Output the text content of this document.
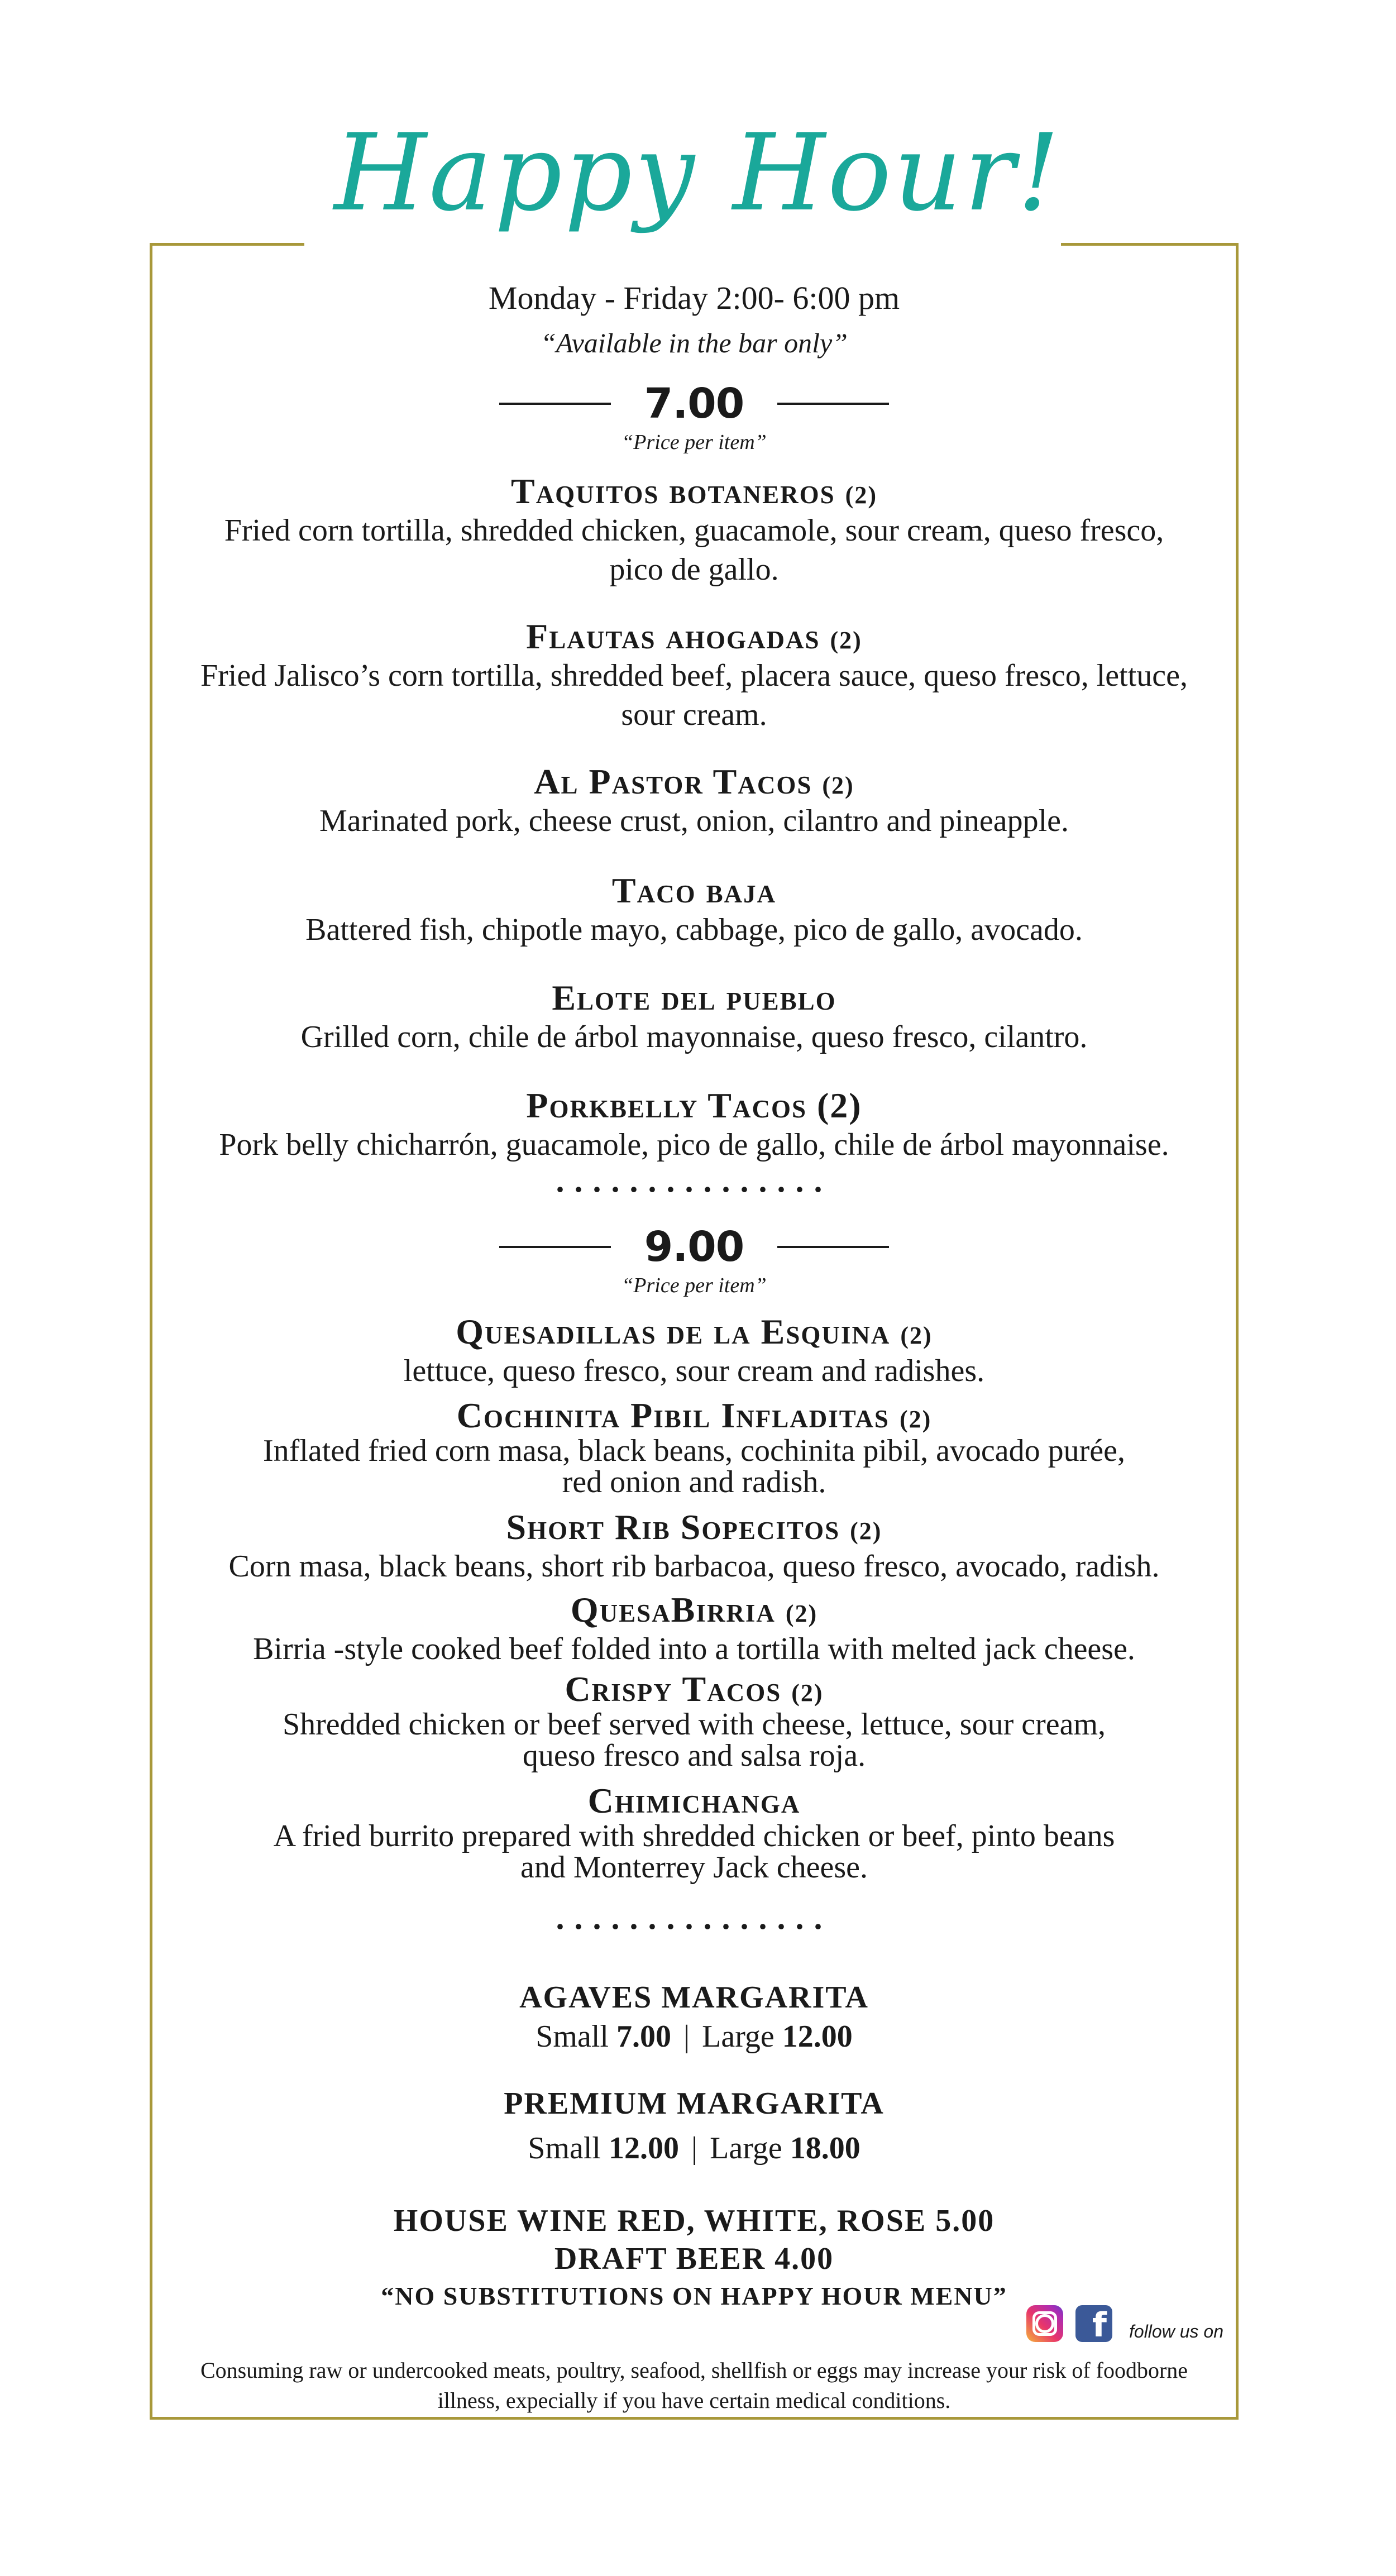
Happy Hour!
Monday - Friday 2:00- 6:00 pm
“Available in the bar only”
7.00
“Price per item”
Taquitos botaneros (2)
Fried corn tortilla, shredded chicken, guacamole, sour cream, queso fresco,
pico de gallo.
Flautas ahogadas (2)
Fried Jalisco’s corn tortilla, shredded beef, placera sauce, queso fresco, lettuce,
sour cream.
Al Pastor Tacos (2)
Marinated pork, cheese crust, onion, cilantro and pineapple.
Taco baja
Battered fish, chipotle mayo, cabbage, pico de gallo, avocado.
Elote del pueblo
Grilled corn, chile de árbol mayonnaise, queso fresco, cilantro.
Porkbelly Tacos (2)
Pork belly chicharrón, guacamole, pico de gallo, chile de árbol mayonnaise.
...............
9.00
“Price per item”
Quesadillas de la Esquina (2)
lettuce, queso fresco, sour cream and radishes.
Cochinita Pibil Infladitas (2)
Inflated fried corn masa, black beans, cochinita pibil, avocado purée,
red onion and radish.
Short Rib Sopecitos (2)
Corn masa, black beans, short rib barbacoa, queso fresco, avocado, radish.
QuesaBirria (2)
Birria -style cooked beef folded into a tortilla with melted jack cheese.
Crispy Tacos (2)
Shredded chicken or beef served with cheese, lettuce, sour cream,
queso fresco and salsa roja.
Chimichanga
A fried burrito prepared with shredded chicken or beef, pinto beans
and Monterrey Jack cheese.
...............
AGAVES MARGARITA
Small 7.00 | Large 12.00
PREMIUM MARGARITA
Small 12.00 | Large 18.00
HOUSE WINE RED, WHITE, ROSE 5.00
DRAFT BEER 4.00
“NO SUBSTITUTIONS ON HAPPY HOUR MENU”
f	follow us on
Consuming raw or undercooked meats, poultry, seafood, shellfish or eggs may increase your risk of foodborne
illness, expecially if you have certain medical conditions.
